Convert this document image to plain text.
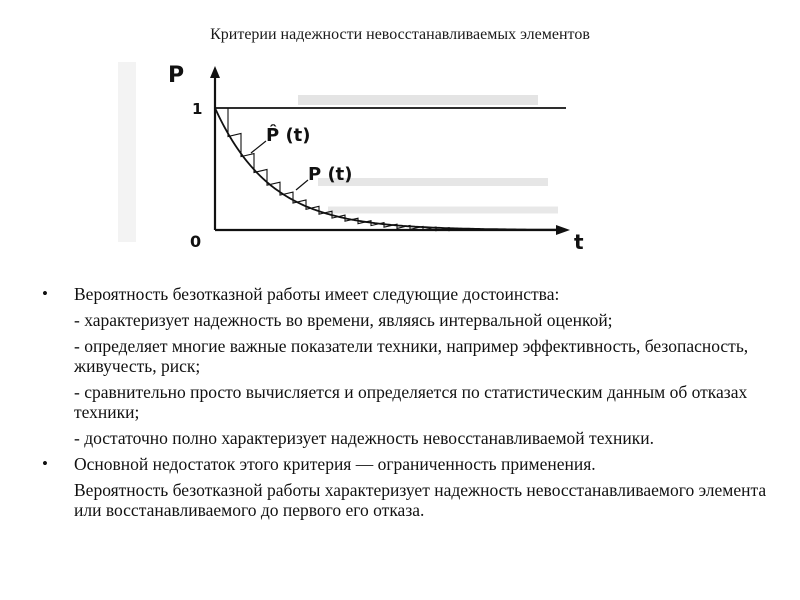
Критерии надежности невосстанавливаемых элементов
P
1
0	t
P̂ (t)
P (t)
• Вероятность безотказной работы имеет следующие достоинства:
- характеризует надежность во времени, являясь интервальной оценкой;
- определяет многие важные показатели техники, например эффективность, безопасность, живучесть, риск;
- сравнительно просто вычисляется и определяется по статистическим данным об отказах техники;
- достаточно полно характеризует надежность невосстанавливаемой техники.
• Основной недостаток этого критерия — ограниченность применения.
Вероятность безотказной работы характеризует надежность невосстанавливаемого элемента или восстанавливаемого до первого его отказа.
